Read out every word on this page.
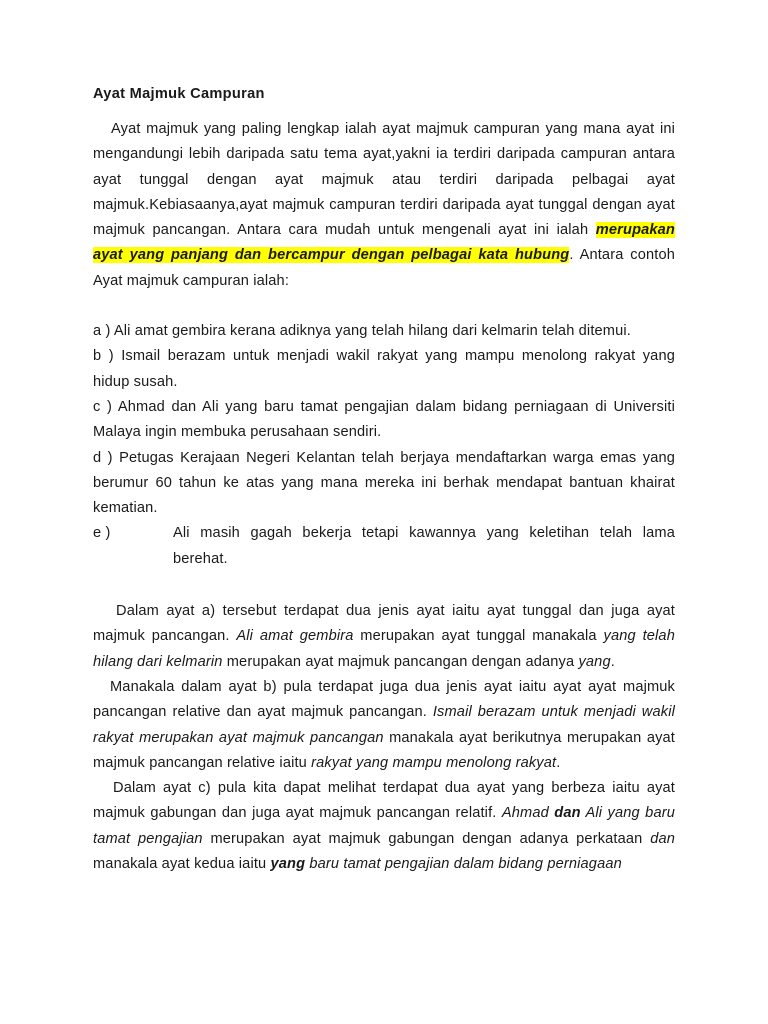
Ayat Majmuk Campuran

Ayat majmuk yang paling lengkap ialah ayat majmuk campuran yang mana ayat ini mengandungi lebih daripada satu tema ayat,yakni ia terdiri daripada campuran antara ayat tunggal dengan ayat majmuk atau terdiri daripada pelbagai ayat majmuk.Kebiasaanya,ayat majmuk campuran terdiri daripada ayat tunggal dengan ayat majmuk pancangan. Antara cara mudah untuk mengenali ayat ini ialah merupakan ayat yang panjang dan bercampur dengan pelbagai kata hubung. Antara contoh Ayat majmuk campuran ialah:

a ) Ali amat gembira kerana adiknya yang telah hilang dari kelmarin telah ditemui.

b ) Ismail berazam untuk menjadi wakil rakyat yang mampu menolong rakyat yang hidup susah.

c ) Ahmad dan Ali yang baru tamat pengajian dalam bidang perniagaan di Universiti Malaya ingin membuka perusahaan sendiri.

d ) Petugas Kerajaan Negeri Kelantan telah berjaya mendaftarkan warga emas yang berumur 60 tahun ke atas yang mana mereka ini berhak mendapat bantuan khairat kematian.

e )	Ali masih gagah bekerja tetapi kawannya yang keletihan telah lama berehat.

Dalam ayat a) tersebut terdapat dua jenis ayat iaitu ayat tunggal dan juga ayat majmuk pancangan. Ali amat gembira merupakan ayat tunggal manakala yang telah hilang dari kelmarin merupakan ayat majmuk pancangan dengan adanya yang.

Manakala dalam ayat b) pula terdapat juga dua jenis ayat iaitu ayat ayat majmuk pancangan relative dan ayat majmuk pancangan. Ismail berazam untuk menjadi wakil rakyat merupakan ayat majmuk pancangan manakala ayat berikutnya merupakan ayat majmuk pancangan relative iaitu rakyat yang mampu menolong rakyat.

Dalam ayat c) pula kita dapat melihat terdapat dua ayat yang berbeza iaitu ayat majmuk gabungan dan juga ayat majmuk pancangan relatif. Ahmad dan Ali yang baru tamat pengajian merupakan ayat majmuk gabungan dengan adanya perkataan dan manakala ayat kedua iaitu yang baru tamat pengajian dalam bidang perniagaan
